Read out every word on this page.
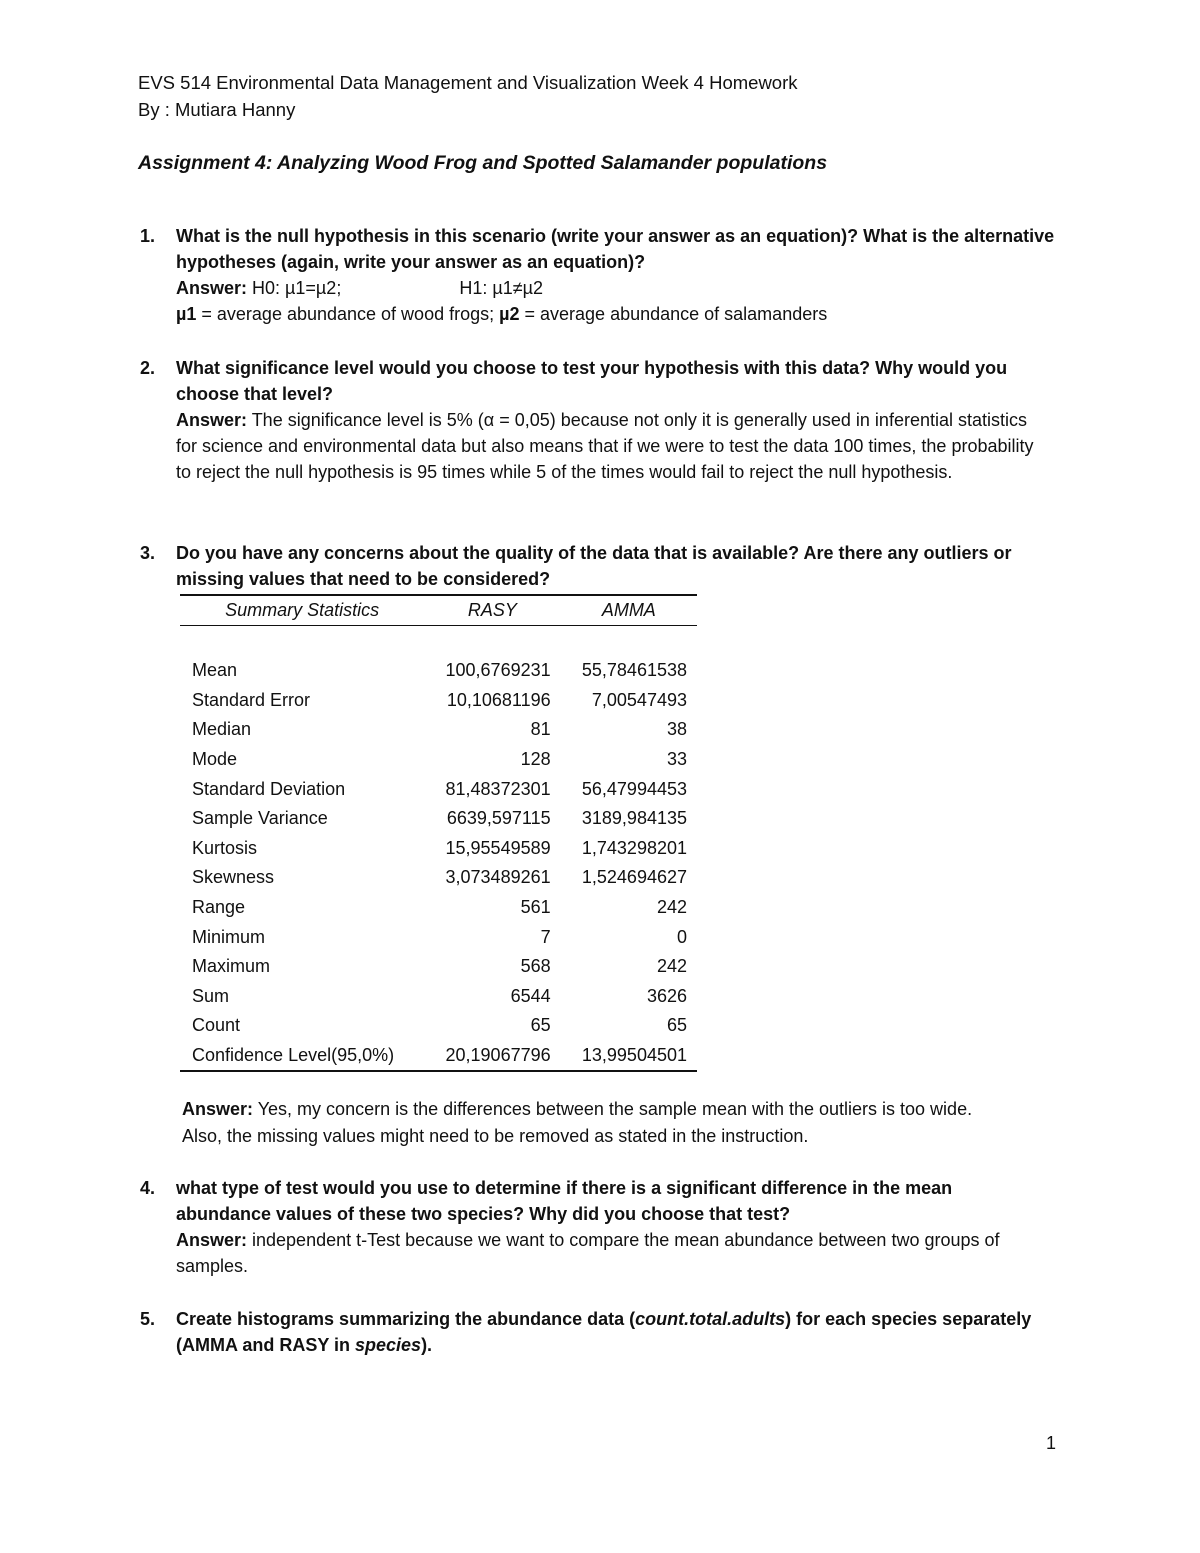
EVS 514 Environmental Data Management and Visualization Week 4 Homework
By : Mutiara Hanny
Assignment 4: Analyzing Wood Frog and Spotted Salamander populations
1. What is the null hypothesis in this scenario (write your answer as an equation)? What is the alternative hypotheses (again, write your answer as an equation)?
Answer: H0: µ1=µ2;	H1: µ1≠µ2
µ1 = average abundance of wood frogs; µ2 = average abundance of salamanders
2. What significance level would you choose to test your hypothesis with this data? Why would you choose that level?
Answer: The significance level is 5% (α = 0,05) because not only it is generally used in inferential statistics for science and environmental data but also means that if we were to test the data 100 times, the probability to reject the null hypothesis is 95 times while 5 of the times would fail to reject the null hypothesis.
3. Do you have any concerns about the quality of the data that is available? Are there any outliers or
missing values that need to be considered?
Summary Statistics	RASY	AMMA

Mean	100,6769231	55,78461538
Standard Error	10,10681196	7,00547493
Median	81	38
Mode	128	33
Standard Deviation	81,48372301	56,47994453
Sample Variance	6639,597115	3189,984135
Kurtosis	15,95549589	1,743298201
Skewness	3,073489261	1,524694627
Range	561	242
Minimum	7	0
Maximum	568	242
Sum	6544	3626
Count	65	65
Confidence Level(95,0%)	20,19067796	13,99504501
Answer: Yes, my concern is the differences between the sample mean with the outliers is too wide.
Also, the missing values might need to be removed as stated in the instruction.
4. what type of test would you use to determine if there is a significant difference in the mean abundance values of these two species? Why did you choose that test?
Answer: independent t-Test because we want to compare the mean abundance between two groups of samples.
5. Create histograms summarizing the abundance data (count.total.adults) for each species separately (AMMA and RASY in species).
1
